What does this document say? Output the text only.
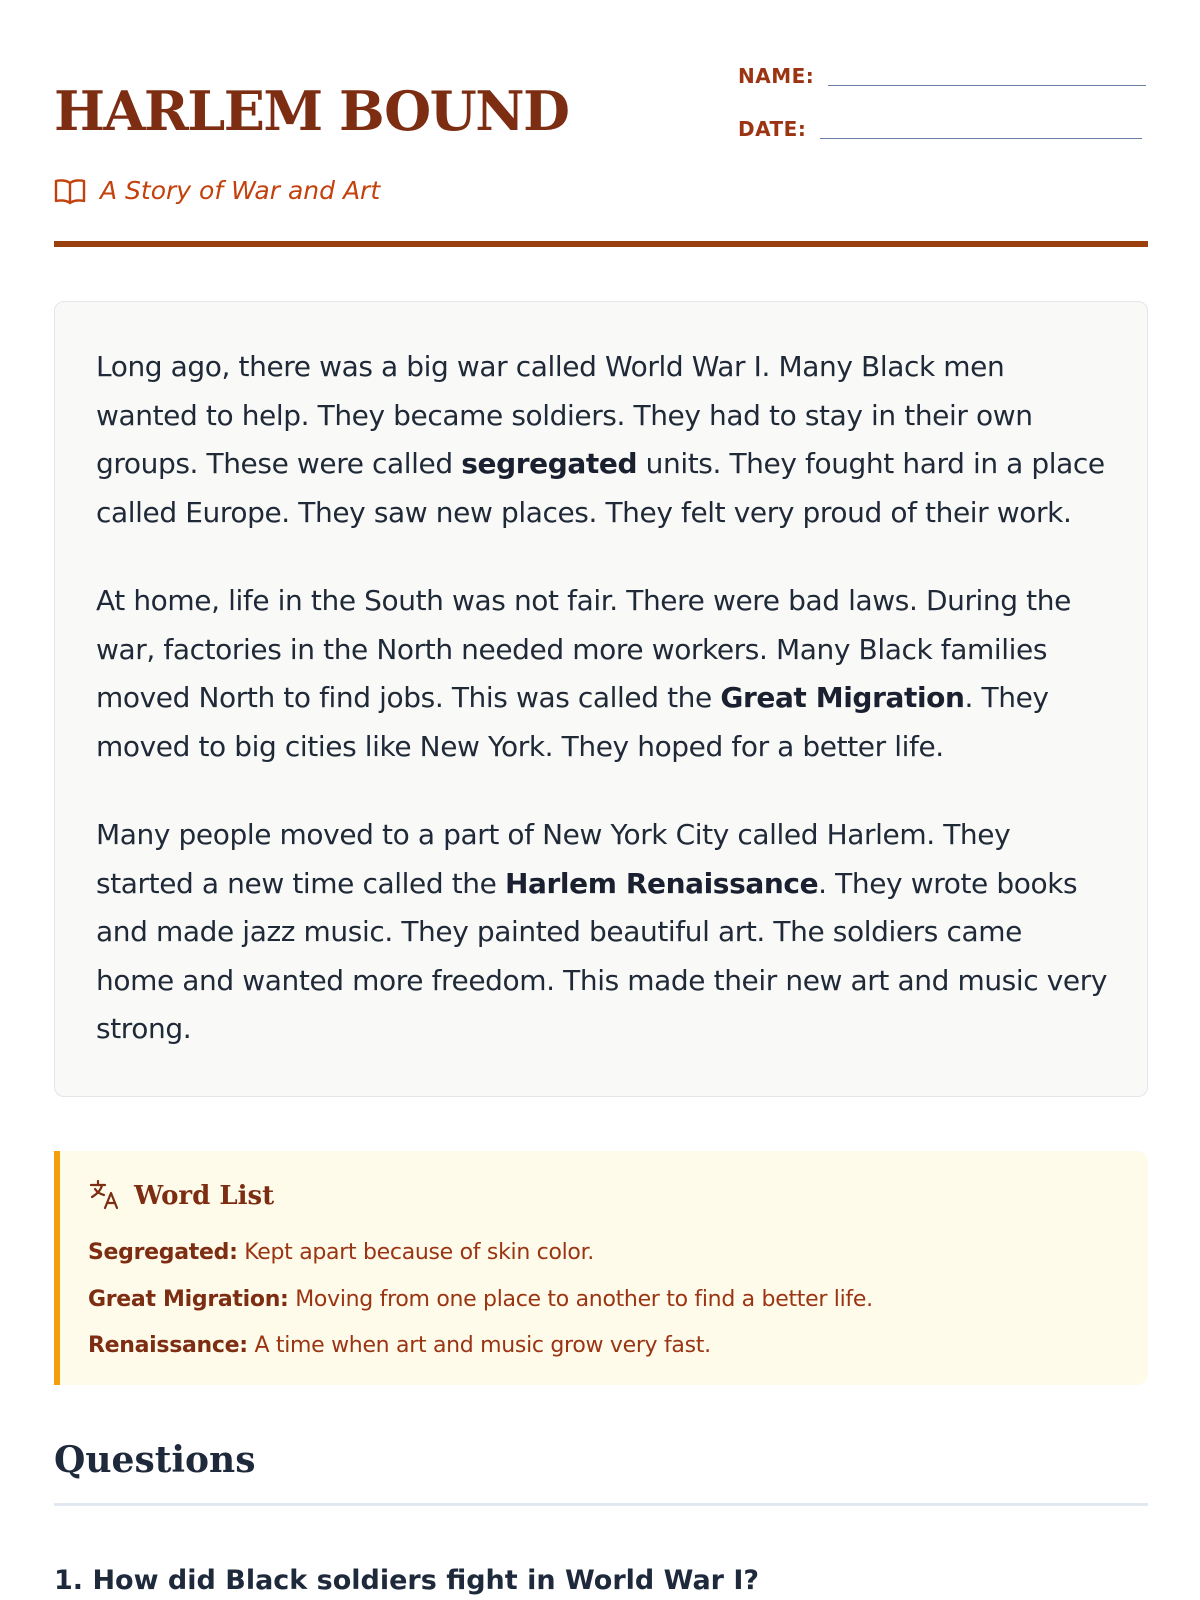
HARLEM BOUND
A Story of War and Art
NAME:
DATE:

Long ago, there was a big war called World War I. Many Black men wanted to help. They became soldiers. They had to stay in their own groups. These were called segregated units. They fought hard in a place called Europe. They saw new places. They felt very proud of their work.

At home, life in the South was not fair. There were bad laws. During the war, factories in the North needed more workers. Many Black families moved North to find jobs. This was called the Great Migration. They moved to big cities like New York. They hoped for a better life.

Many people moved to a part of New York City called Harlem. They started a new time called the Harlem Renaissance. They wrote books and made jazz music. They painted beautiful art. The soldiers came home and wanted more freedom. This made their new art and music very strong.

Word List
Segregated: Kept apart because of skin color.
Great Migration: Moving from one place to another to find a better life.
Renaissance: A time when art and music grow very fast.
Questions
1. How did Black soldiers fight in World War I?
